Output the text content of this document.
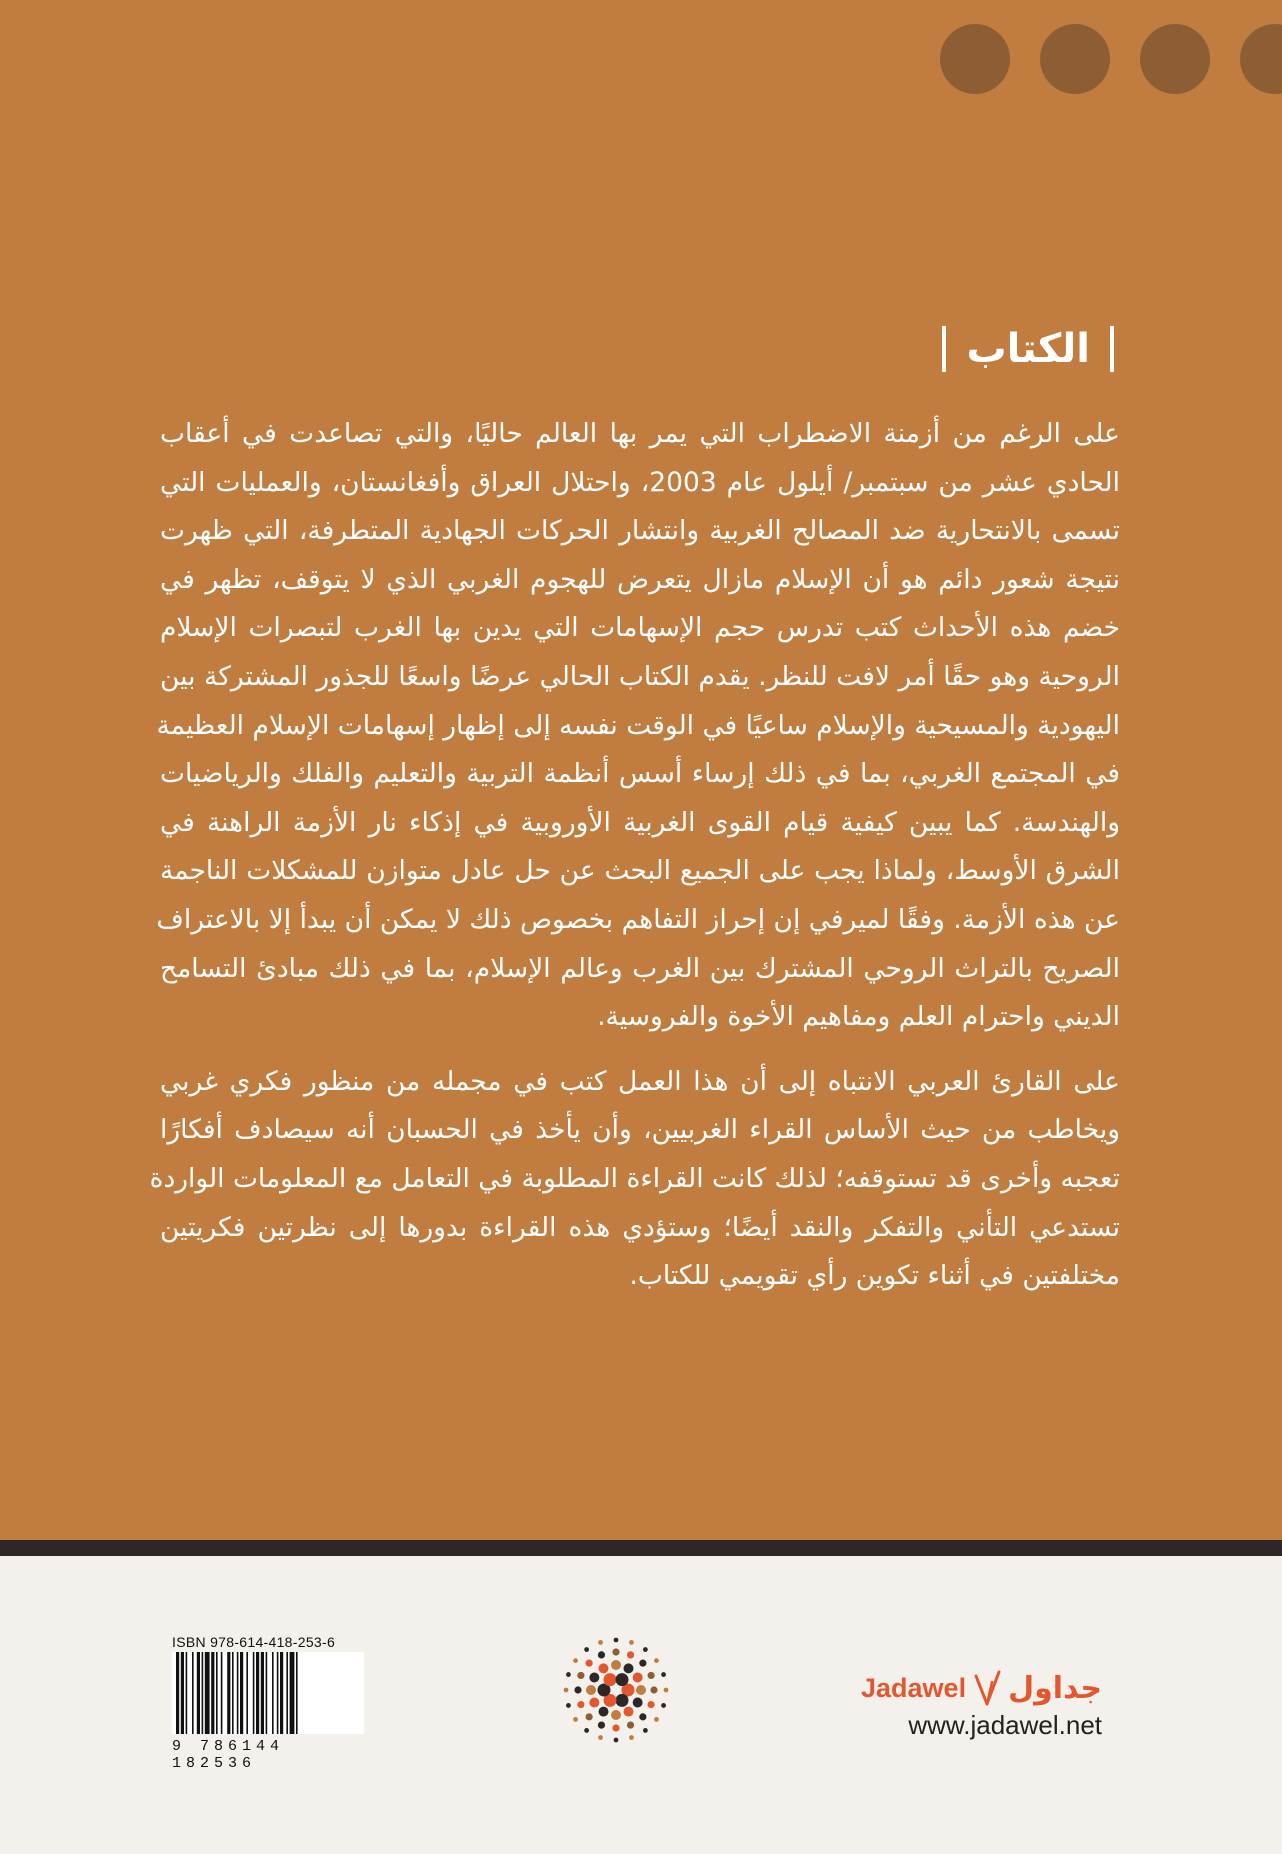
الكتاب

على الرغم من أزمنة الاضطراب التي يمر بها العالم حاليًا، والتي تصاعدت في أعقاب
الحادي عشر من سبتمبر/ أيلول عام 2003، واحتلال العراق وأفغانستان، والعمليات التي
تسمى بالانتحارية ضد المصالح الغربية وانتشار الحركات الجهادية المتطرفة، التي ظهرت
نتيجة شعور دائم هو أن الإسلام مازال يتعرض للهجوم الغربي الذي لا يتوقف، تظهر في
خضم هذه الأحداث كتب تدرس حجم الإسهامات التي يدين بها الغرب لتبصرات الإسلام
الروحية وهو حقًا أمر لافت للنظر. يقدم الكتاب الحالي عرضًا واسعًا للجذور المشتركة بين
اليهودية والمسيحية والإسلام ساعيًا في الوقت نفسه إلى إظهار إسهامات الإسلام العظيمة
في المجتمع الغربي، بما في ذلك إرساء أسس أنظمة التربية والتعليم والفلك والرياضيات
والهندسة. كما يبين كيفية قيام القوى الغربية الأوروبية في إذكاء نار الأزمة الراهنة في
الشرق الأوسط، ولماذا يجب على الجميع البحث عن حل عادل متوازن للمشكلات الناجمة
عن هذه الأزمة. وفقًا لميرفي إن إحراز التفاهم بخصوص ذلك لا يمكن أن يبدأ إلا بالاعتراف
الصريح بالتراث الروحي المشترك بين الغرب وعالم الإسلام، بما في ذلك مبادئ التسامح
الديني واحترام العلم ومفاهيم الأخوة والفروسية.

على القارئ العربي الانتباه إلى أن هذا العمل كتب في مجمله من منظور فكري غربي
ويخاطب من حيث الأساس القراء الغربيين، وأن يأخذ في الحسبان أنه سيصادف أفكارًا
تعجبه وأخرى قد تستوقفه؛ لذلك كانت القراءة المطلوبة في التعامل مع المعلومات الواردة
تستدعي التأني والتفكر والنقد أيضًا؛ وستؤدي هذه القراءة بدورها إلى نظرتين فكريتين
مختلفتين في أثناء تكوين رأي تقويمي للكتاب.

ISBN 978-614-418-253-6
9 786144 182536
Jadawel جداول
www.jadawel.net
